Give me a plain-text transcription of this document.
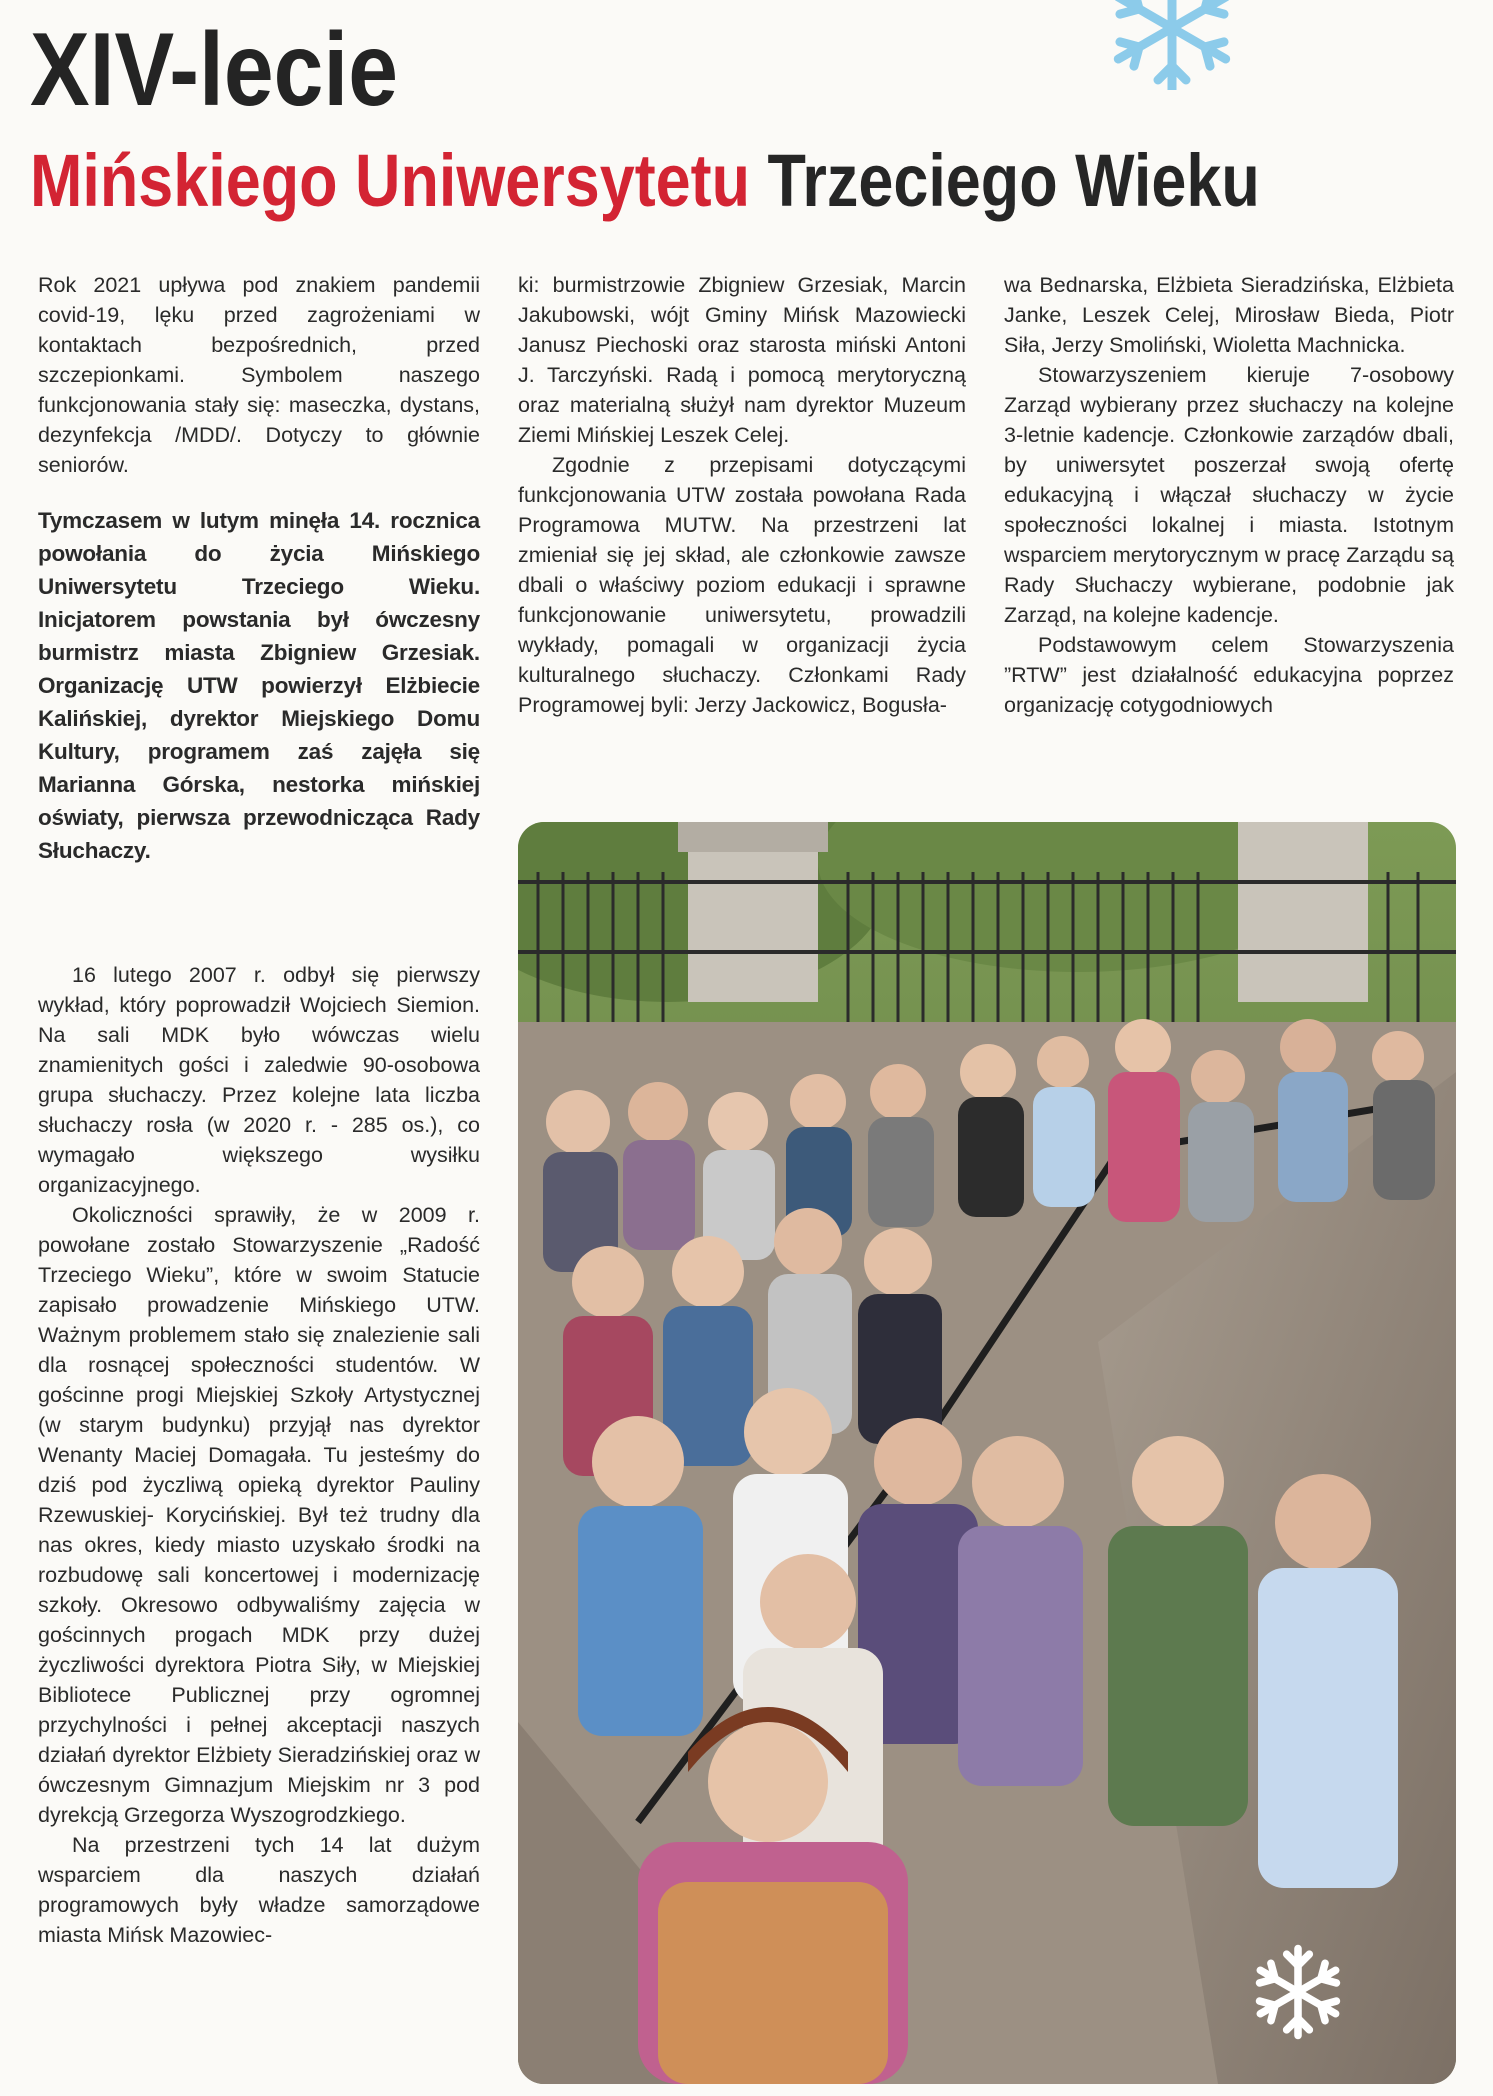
XIV-lecie
Mińskiego Uniwersytetu Trzeciego Wieku

Rok 2021 upływa pod znakiem pandemii covid-19, lęku przed zagrożeniami w kontaktach bezpośrednich, przed szczepionkami. Symbolem naszego funkcjonowania stały się: maseczka, dystans, dezynfekcja /MDD/. Dotyczy to głównie seniorów.

Tymczasem w lutym minęła 14. rocznica powołania do życia Mińskiego Uniwersytetu Trzeciego Wieku. Inicjatorem powstania był ówczesny burmistrz miasta Zbigniew Grzesiak. Organizację UTW powierzył Elżbiecie Kalińskiej, dyrektor Miejskiego Domu Kultury, programem zaś zajęła się Marianna Górska, nestorka mińskiej oświaty, pierwsza przewodnicząca Rady Słuchaczy.

16 lutego 2007 r. odbył się pierwszy wykład, który poprowadził Wojciech Siemion. Na sali MDK było wówczas wielu znamienitych gości i zaledwie 90-osobowa grupa słuchaczy. Przez kolejne lata liczba słuchaczy rosła (w 2020 r. - 285 os.), co wymagało większego wysiłku organizacyjnego.

Okoliczności sprawiły, że w 2009 r. powołane zostało Stowarzyszenie „Radość Trzeciego Wieku”, które w swoim Statucie zapisało prowadzenie Mińskiego UTW. Ważnym problemem stało się znalezienie sali dla rosnącej społeczności studentów. W gościnne progi Miejskiej Szkoły Artystycznej (w starym budynku) przyjął nas dyrektor Wenanty Maciej Domagała. Tu jesteśmy do dziś pod życzliwą opieką dyrektor Pauliny Rzewuskiej- Korycińskiej. Był też trudny dla nas okres, kiedy miasto uzyskało środki na rozbudowę sali koncertowej i modernizację szkoły. Okresowo odbywaliśmy zajęcia w gościnnych progach MDK przy dużej życzliwości dyrektora Piotra Siły, w Miejskiej Bibliotece Publicznej przy ogromnej przychylności i pełnej akceptacji naszych działań dyrektor Elżbiety Sieradzińskiej oraz w ówczesnym Gimnazjum Miejskim nr 3 pod dyrekcją Grzegorza Wyszogrodzkiego.

Na przestrzeni tych 14 lat dużym wsparciem dla naszych działań programowych były władze samorządowe miasta Mińsk Mazowiec-

ki: burmistrzowie Zbigniew Grzesiak, Marcin Jakubowski, wójt Gminy Mińsk Mazowiecki Janusz Piechoski oraz starosta miński Antoni J. Tarczyński. Radą i pomocą merytoryczną oraz materialną służył nam dyrektor Muzeum Ziemi Mińskiej Leszek Celej.

Zgodnie z przepisami dotyczącymi funkcjonowania UTW została powołana Rada Programowa MUTW. Na przestrzeni lat zmieniał się jej skład, ale członkowie zawsze dbali o właściwy poziom edukacji i sprawne funkcjonowanie uniwersytetu, prowadzili wykłady, pomagali w organizacji życia kulturalnego słuchaczy. Członkami Rady Programowej byli: Jerzy Jackowicz, Bogusła-

wa Bednarska, Elżbieta Sieradzińska, Elżbieta Janke, Leszek Celej, Mirosław Bieda, Piotr Siła, Jerzy Smoliński, Wioletta Machnicka.

Stowarzyszeniem kieruje 7-osobowy Zarząd wybierany przez słuchaczy na kolejne 3-letnie kadencje. Członkowie zarządów dbali, by uniwersytet poszerzał swoją ofertę edukacyjną i włączał słuchaczy w życie społeczności lokalnej i miasta. Istotnym wsparciem merytorycznym w pracę Zarządu są Rady Słuchaczy wybierane, podobnie jak Zarząd, na kolejne kadencje.

Podstawowym celem Stowarzyszenia ”RTW” jest działalność edukacyjna poprzez organizację cotygodniowych
